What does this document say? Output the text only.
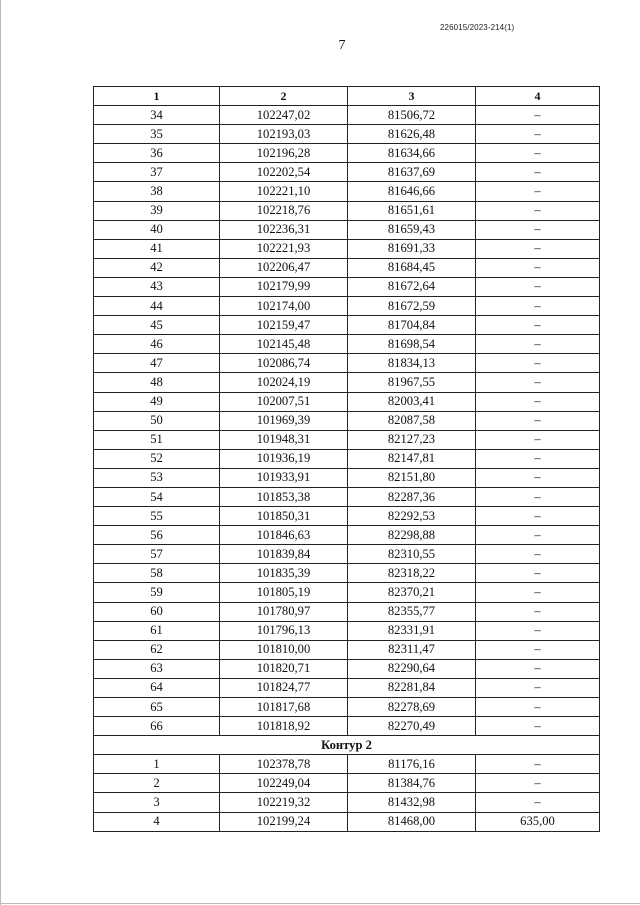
226015/2023-214(1)
7
1	2	3	4
34	102247,02	81506,72	–
35	102193,03	81626,48	–
36	102196,28	81634,66	–
37	102202,54	81637,69	–
38	102221,10	81646,66	–
39	102218,76	81651,61	–
40	102236,31	81659,43	–
41	102221,93	81691,33	–
42	102206,47	81684,45	–
43	102179,99	81672,64	–
44	102174,00	81672,59	–
45	102159,47	81704,84	–
46	102145,48	81698,54	–
47	102086,74	81834,13	–
48	102024,19	81967,55	–
49	102007,51	82003,41	–
50	101969,39	82087,58	–
51	101948,31	82127,23	–
52	101936,19	82147,81	–
53	101933,91	82151,80	–
54	101853,38	82287,36	–
55	101850,31	82292,53	–
56	101846,63	82298,88	–
57	101839,84	82310,55	–
58	101835,39	82318,22	–
59	101805,19	82370,21	–
60	101780,97	82355,77	–
61	101796,13	82331,91	–
62	101810,00	82311,47	–
63	101820,71	82290,64	–
64	101824,77	82281,84	–
65	101817,68	82278,69	–
66	101818,92	82270,49	–
Контур 2			
1	102378,78	81176,16	–
2	102249,04	81384,76	–
3	102219,32	81432,98	–
4	102199,24	81468,00	635,00
